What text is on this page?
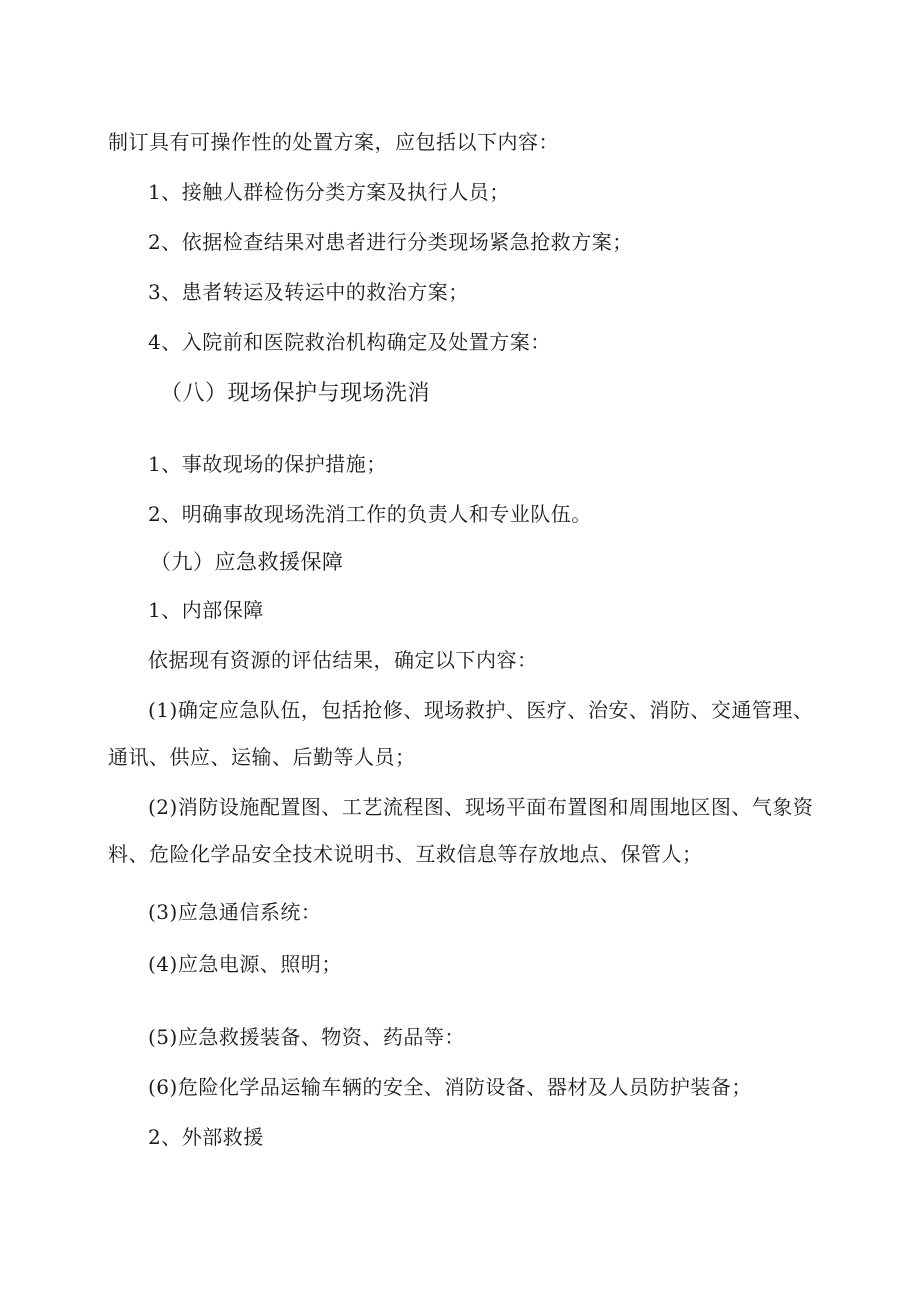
制订具有可操作性的处置方案，应包括以下内容：
1、接触人群检伤分类方案及执行人员；
2、依据检查结果对患者进行分类现场紧急抢救方案；
3、患者转运及转运中的救治方案；
4、入院前和医院救治机构确定及处置方案：
（八）现场保护与现场洗消
1、事故现场的保护措施；
2、明确事故现场洗消工作的负责人和专业队伍。
（九）应急救援保障
1、内部保障
依据现有资源的评估结果，确定以下内容：
(1)确定应急队伍，包括抢修、现场救护、医疗、治安、消防、交通管理、
通讯、供应、运输、后勤等人员；
(2)消防设施配置图、工艺流程图、现场平面布置图和周围地区图、气象资
料、危险化学品安全技术说明书、互救信息等存放地点、保管人；
(3)应急通信系统：
(4)应急电源、照明；
(5)应急救援装备、物资、药品等：
(6)危险化学品运输车辆的安全、消防设备、器材及人员防护装备；
2、外部救援
